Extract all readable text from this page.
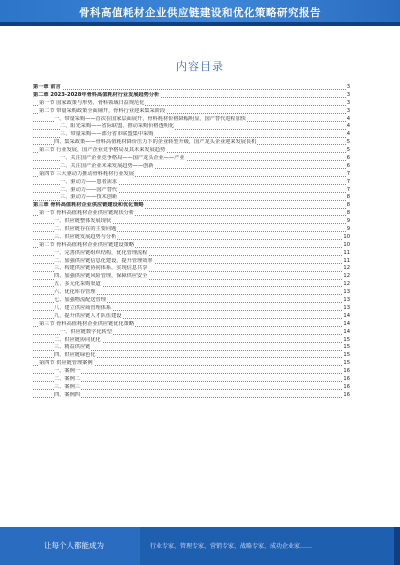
骨科高值耗材企业供应链建设和优化策略研究报告
内容目录
第一章 前言	3
第二章 2023-2028年骨科高值耗材行业发展趋势分析	3
第一节 国家政策与形势，骨科领域日益规范化	3
第二节 带量采购政策全面铺开，骨科行业迎来集采阶段	3
一、带量采购——首次在国家层面展开，骨科耗材价格降幅明显，国产替代进程加快	4
二、阳光采购——省际联盟，推动采购价格透明化	4
三、带量采购——部分省市联盟集中采购	4
四、集采政策——骨科高值耗材降价压力下的企业转型升级，国产龙头企业迎来发展良机	5
第三节 行业发展，国产企业竞争格局及其未来发展趋势	5
一、关注国产企业竞争格局——国产龙头企业——产业	6
二、关注国产企业未来发展趋势——创新	6
第四节 三大驱动力推动骨科耗材行业发展	7
一、驱动力——患者需求	7
二、驱动力——国产替代	7
三、驱动力——技术创新	8
第三章 骨科高值耗材企业供应链建设和优化策略	8
第一节 骨科高值耗材企业供应链现状分析	8
一、供应链整体发展现状	9
二、供应链存在的主要问题	9
三、供应链发展趋势与分析	10
第二节 骨科高值耗材企业供应链建设策略	10
一、完善供应链组织结构，优化管理流程	11
二、加强供应链信息化建设，提升管理效率	11
三、构建供应链协同体系，实现信息共享	12
四、加强供应链风险管理，保障供应安全	12
五、多元化采购渠道	12
六、优化库存管理	13
七、加强物流配送管理	13
八、建立供应商管理体系	13
九、提升供应链人才队伍建设	14
第三节 骨科高值耗材企业供应链优化策略	14
一、供应链数字化转型	14
二、供应链协同优化	15
三、精益供应链	15
四、供应链绿色化	15
第四节 供应链管理案例	15
一、案例一	16
二、案例二	16
三、案例三	16
四、案例四	16
让每个人都能成为	行业专家、管理专家、营销专家、战略专家、成功企业家……
